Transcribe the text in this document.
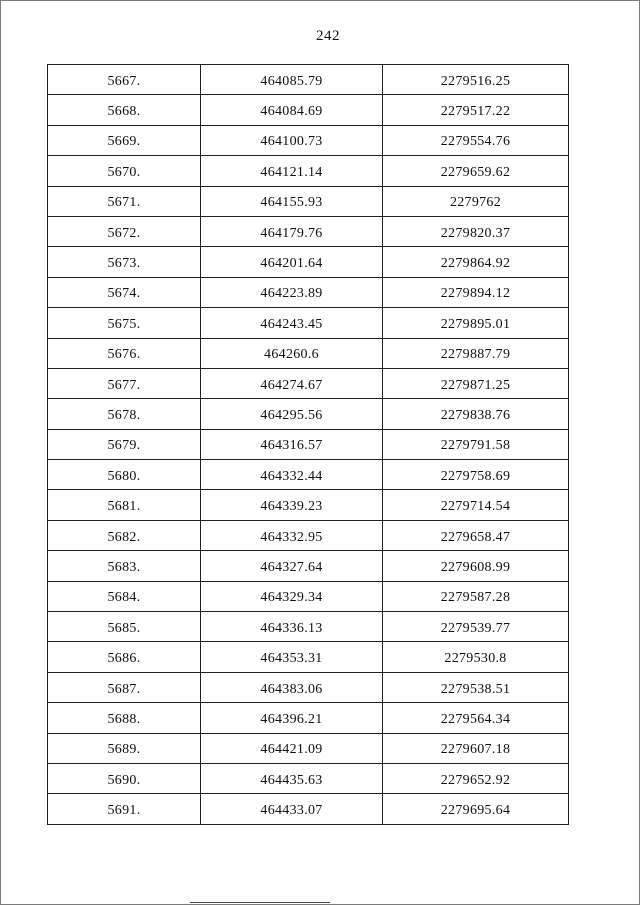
242
5667.	464085.79	2279516.25
5668.	464084.69	2279517.22
5669.	464100.73	2279554.76
5670.	464121.14	2279659.62
5671.	464155.93	2279762
5672.	464179.76	2279820.37
5673.	464201.64	2279864.92
5674.	464223.89	2279894.12
5675.	464243.45	2279895.01
5676.	464260.6	2279887.79
5677.	464274.67	2279871.25
5678.	464295.56	2279838.76
5679.	464316.57	2279791.58
5680.	464332.44	2279758.69
5681.	464339.23	2279714.54
5682.	464332.95	2279658.47
5683.	464327.64	2279608.99
5684.	464329.34	2279587.28
5685.	464336.13	2279539.77
5686.	464353.31	2279530.8
5687.	464383.06	2279538.51
5688.	464396.21	2279564.34
5689.	464421.09	2279607.18
5690.	464435.63	2279652.92
5691.	464433.07	2279695.64
